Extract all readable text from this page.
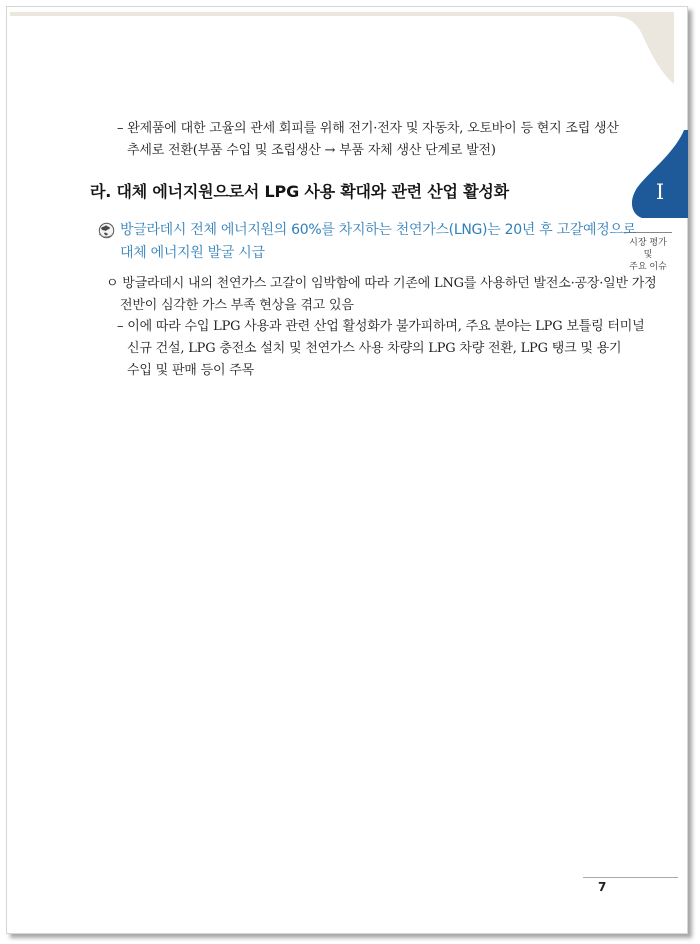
I
시장 평가
및
주요 이슈
– 완제품에 대한 고율의 관세 회피를 위해 전기·전자 및 자동차, 오토바이 등 현지 조립 생산
추세로 전환(부품 수입 및 조립생산 → 부품 자체 생산 단계로 발전)
라. 대체 에너지원으로서 LPG 사용 확대와 관련 산업 활성화
방글라데시 전체 에너지원의 60%를 차지하는 천연가스(LNG)는 20년 후 고갈예정으로
대체 에너지원 발굴 시급
ㅇ 방글라데시 내의 천연가스 고갈이 임박함에 따라 기존에 LNG를 사용하던 발전소·공장·일반 가정
전반이 심각한 가스 부족 현상을 겪고 있음
– 이에 따라 수입 LPG 사용과 관련 산업 활성화가 불가피하며, 주요 분야는 LPG 보틀링 터미널
신규 건설, LPG 충전소 설치 및 천연가스 사용 차량의 LPG 차량 전환, LPG 탱크 및 용기
수입 및 판매 등이 주목
7
